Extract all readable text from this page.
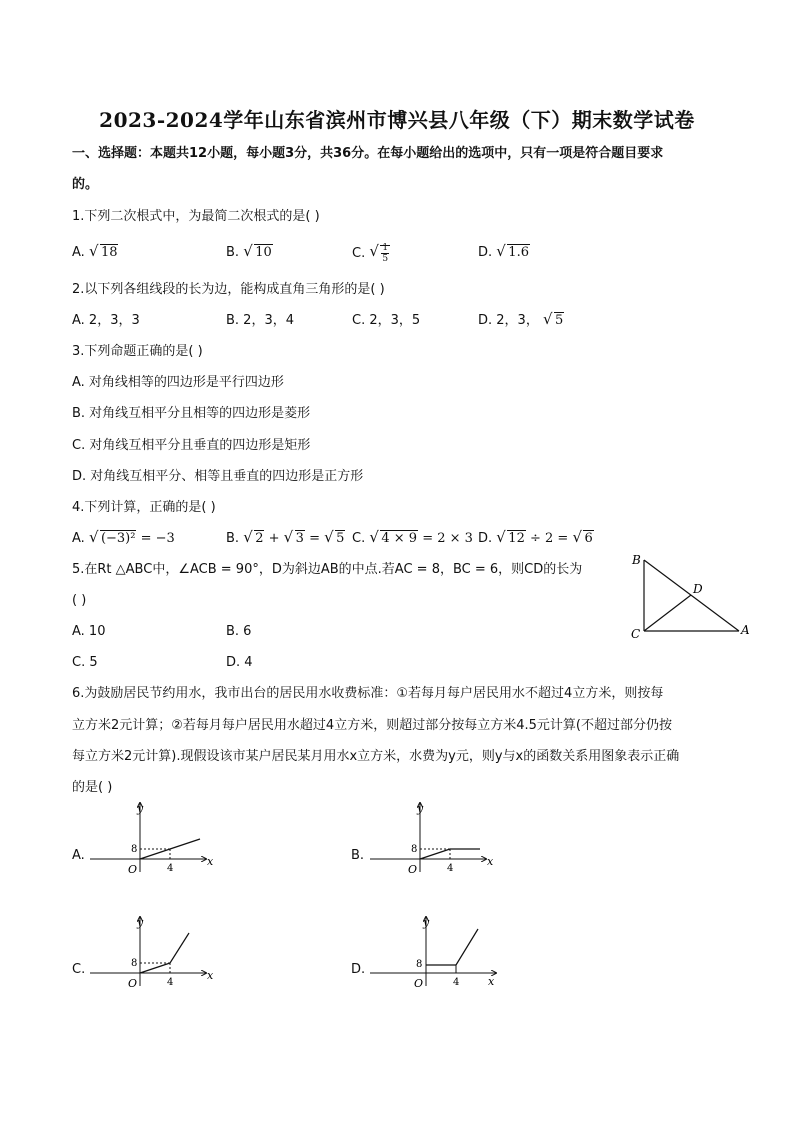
2023-2024学年山东省滨州市博兴县八年级（下）期末数学试卷
一、选择题：本题共12小题，每小题3分，共36分。在每小题给出的选项中，只有一项是符合题目要求
的。
1.下列二次根式中，为最简二次根式的是( )
A. √ 18	B. √ 10	C. √ $\frac{1}{5}$	D. √ 1.6
2.以下列各组线段的长为边，能构成直角三角形的是( )
A. 2，3，3	B. 2，3，4	C. 2，3，5	D. 2，3， √ 5
3.下列命题正确的是( )
A. 对角线相等的四边形是平行四边形
B. 对角线互相平分且相等的四边形是菱形
C. 对角线互相平分且垂直的四边形是矩形
D. 对角线互相平分、相等且垂直的四边形是正方形
4.下列计算，正确的是( )
A. √ (−3)² = −3	B. √ 2 + √ 3 = √ 5 C. √ 4 × 9 = 2 × 3 D. √ 12 ÷ 2 = √ 6
5.在Rt △ABC中，∠ACB = 90°，D为斜边AB的中点.若AC = 8，BC = 6，则CD的长为
( )
A. 10	B. 6
C. 5	D. 4
B
D
C	A
6.为鼓励居民节约用水，我市出台的居民用水收费标准：①若每月每户居民用水不超过4立方米，则按每
立方米2元计算；②若每月每户居民用水超过4立方米，则超过部分按每立方米4.5元计算(不超过部分仍按
每立方米2元计算).现假设该市某户居民某月用水x立方米，水费为y元，则y与x的函数关系用图象表示正确
的是( )
A.
y
x
O
8
4
B.
y
x
O
8
4
C.
y
x
O
8
4
D.
y
x
O
8
4
